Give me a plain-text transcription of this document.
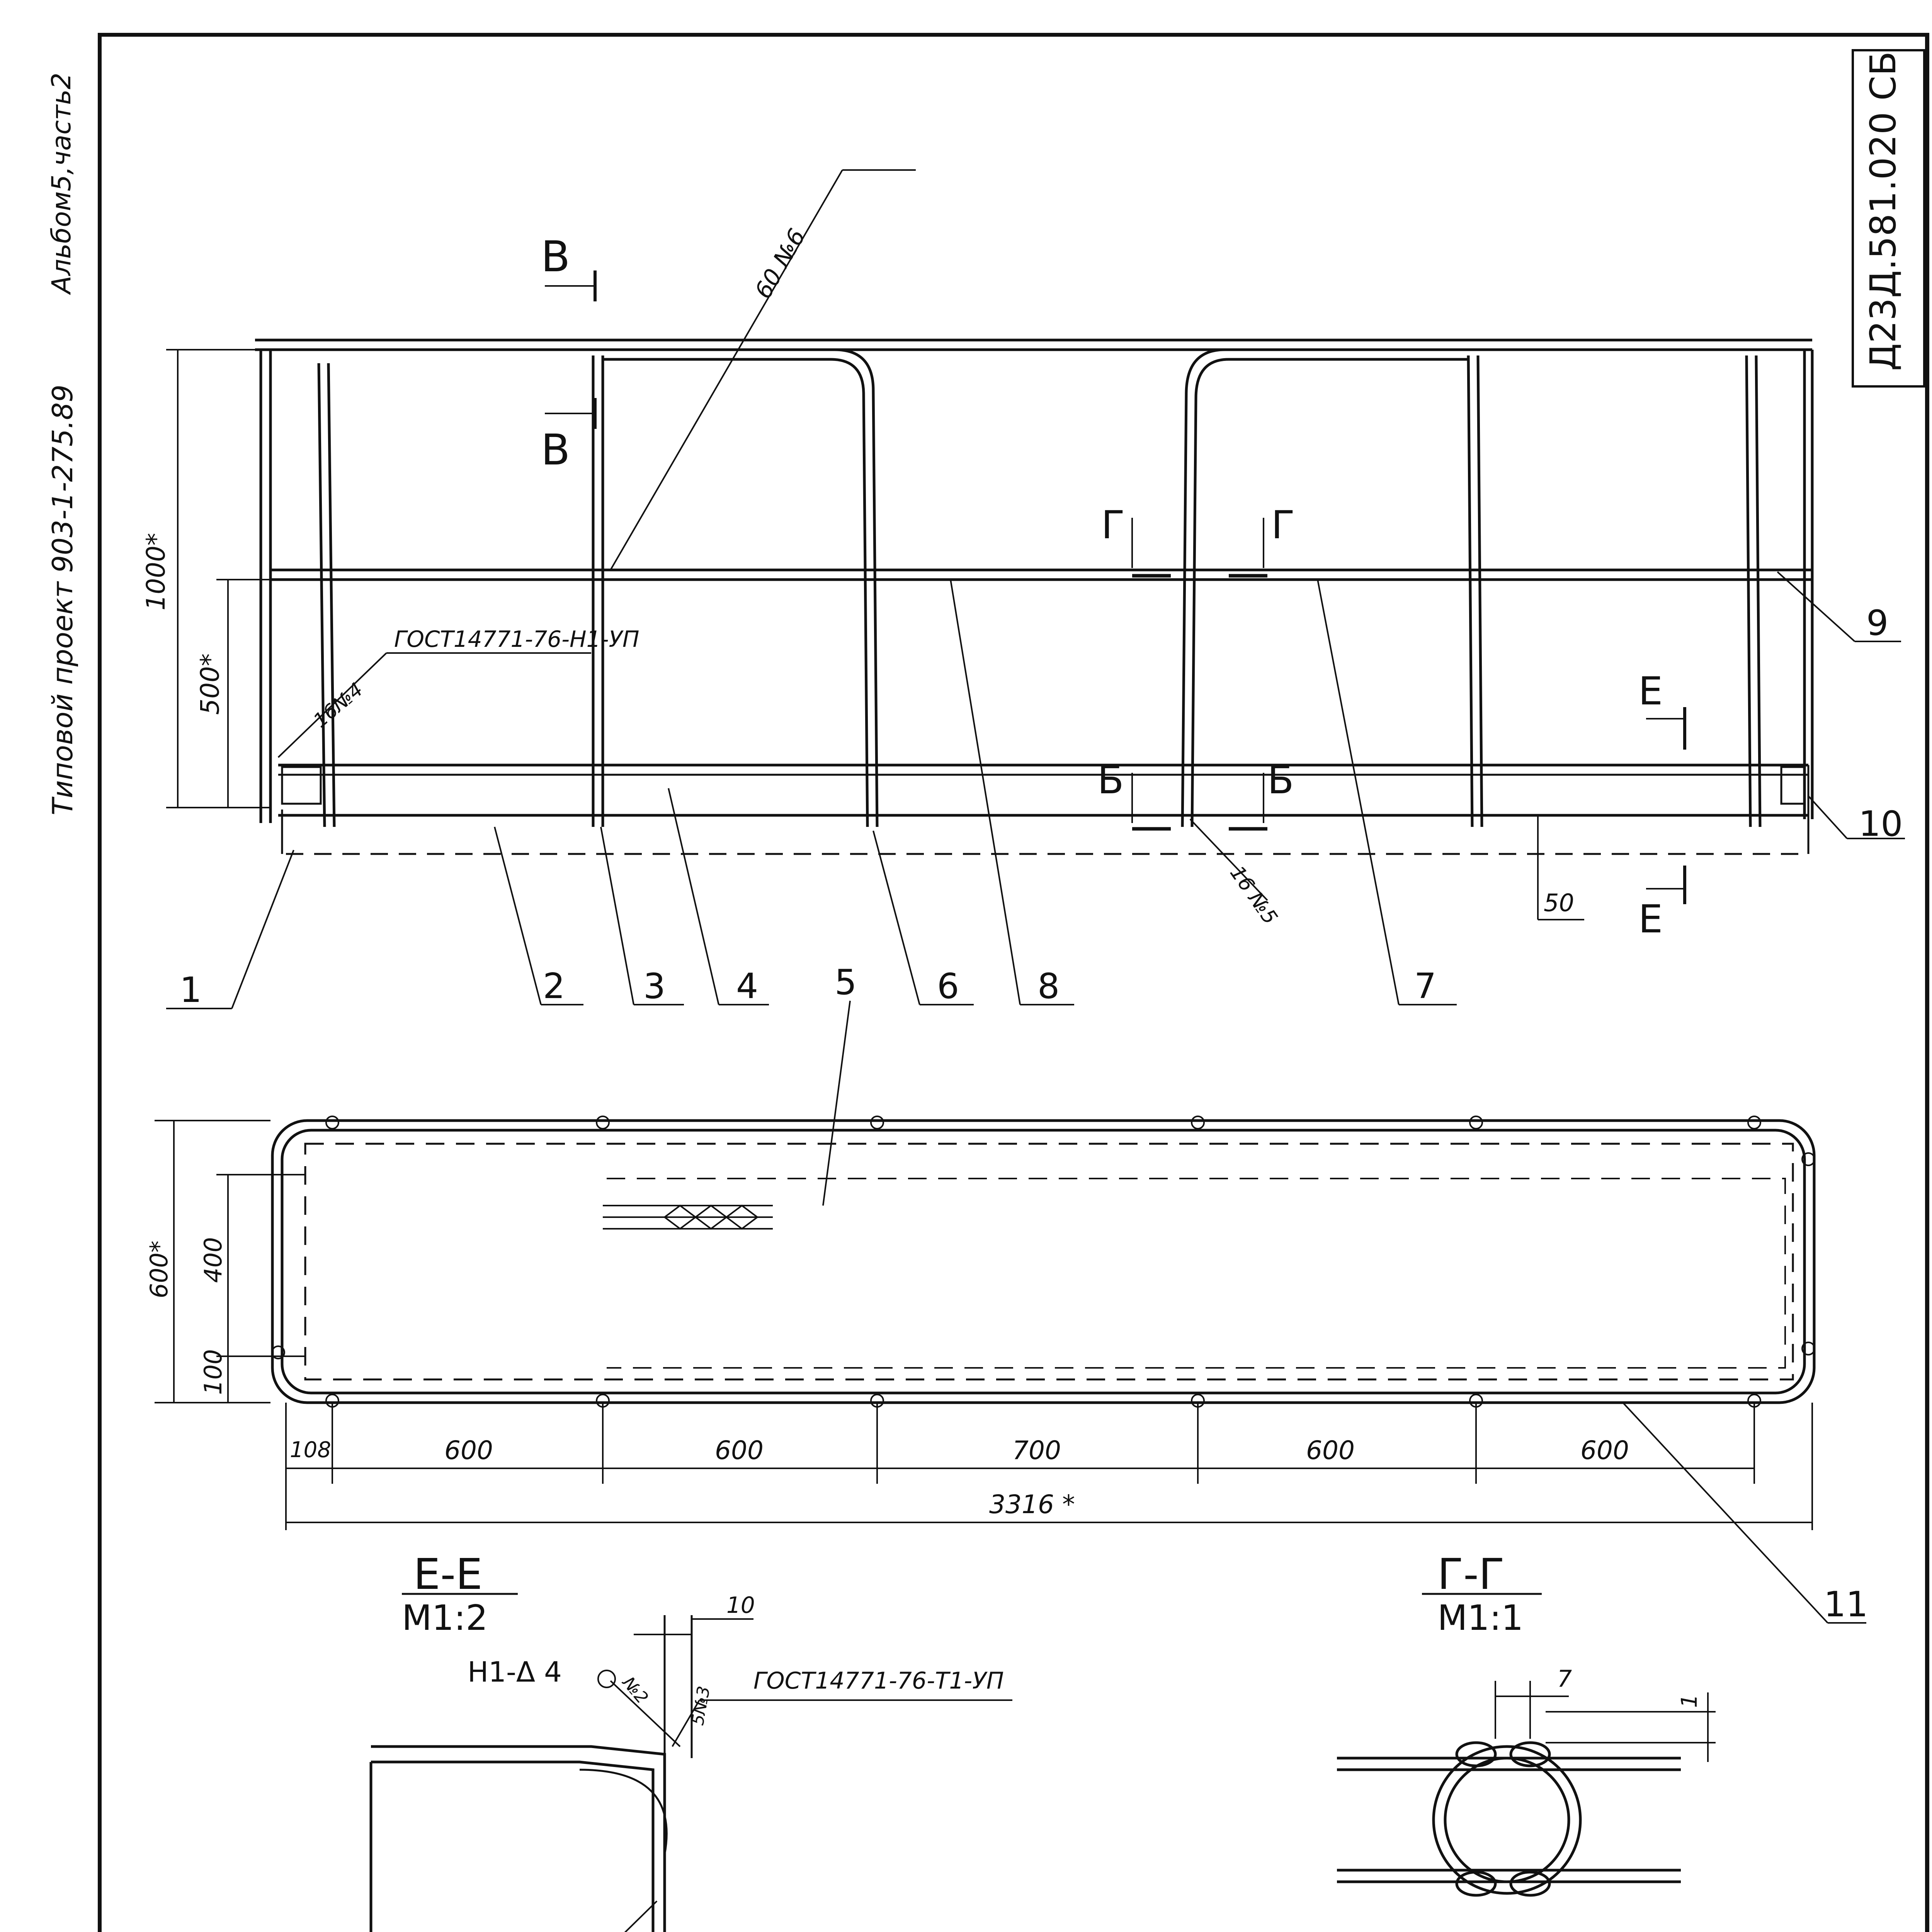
Альбом5,часть2
Типовой проект 903-1-275.89
Д23Д.581.020 СБ
1000*
500*
50
В
В
Г	Г
Б	Б
Е
Е
60 №6
ГОСТ14771-76-Н1-УП
16№4
16 №5
1	2 3 4 5 6 8	7
9
10
11
600* 400
100
108	600	600	700	600	600
3316 *
Е-Е
М1:2	10
Н1-Δ 4
№2 5№3
ГОСТ14771-76-Т1-УП
Г-Г
М1:1
7
1
